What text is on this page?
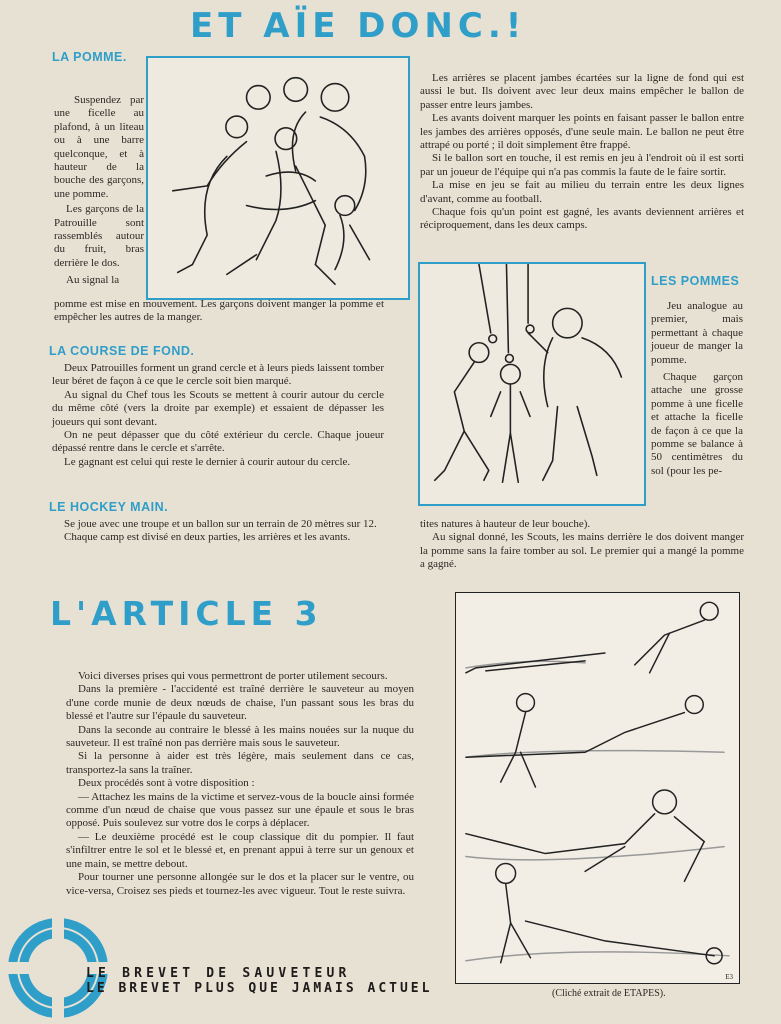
ET AÏE DONC.!
LA POMME.

Suspendez par une ficelle au plafond, à un liteau ou à une barre quelconque, et à hauteur de la bouche des garçons, une pomme.

Les garçons de la Patrouille sont rassemblés autour du fruit, bras derrière le dos.

Au signal la

pomme est mise en mouvement. Les garçons doivent manger la pomme et empêcher les autres de la manger.

LA COURSE DE FOND.

Deux Patrouilles forment un grand cercle et à leurs pieds laissent tomber leur béret de façon à ce que le cercle soit bien marqué.

Au signal du Chef tous les Scouts se mettent à courir autour du cercle du même côté (vers la droite par exemple) et essaient de dépasser les joueurs qui sont devant.

On ne peut dépasser que du côté extérieur du cercle. Chaque joueur dépassé rentre dans le cercle et s'arrête.

Le gagnant est celui qui reste le dernier à courir autour du cercle.

LE HOCKEY MAIN.

Se joue avec une troupe et un ballon sur un terrain de 20 mètres sur 12.

Chaque camp est divisé en deux parties, les arrières et les avants.

Les arrières se placent jambes écartées sur la ligne de fond qui est aussi le but. Ils doivent avec leur deux mains empêcher le ballon de passer entre leurs jambes.

Les avants doivent marquer les points en faisant passer le ballon entre les jambes des arrières opposés, d'une seule main. Le ballon ne peut être attrapé ou porté ; il doit simplement être frappé.

Si le ballon sort en touche, il est remis en jeu à l'endroit où il est sorti par un joueur de l'équipe qui n'a pas commis la faute de le faire sortir.

La mise en jeu se fait au milieu du terrain entre les deux lignes d'avant, comme au football.

Chaque fois qu'un point est gagné, les avants deviennent arrières et réciproquement, dans les deux camps.

LES POMMES

Jeu analogue au premier, mais permettant à chaque joueur de manger la pomme.

Chaque garçon attache une grosse pomme à une ficelle et attache la ficelle de façon à ce que la pomme se balance à 50 centimètres du sol (pour les pe-

tites natures à hauteur de leur bouche).

Au signal donné, les Scouts, les mains derrière le dos doivent manger la pomme sans la faire tomber au sol. Le premier qui a mangé la pomme a gagné.

L'ARTICLE 3

Voici diverses prises qui vous permettront de porter utilement secours.

Dans la première - l'accidenté est traîné derrière le sauveteur au moyen d'une corde munie de deux nœuds de chaise, l'un passant sous les bras du blessé et l'autre sur l'épaule du sauveteur.

Dans la seconde au contraire le blessé à les mains nouées sur la nuque du sauveteur. Il est traîné non pas derrière mais sous le sauveteur.

Si la personne à aider est très légère, mais seulement dans ce cas, transportez-la sans la traîner.

Deux procédés sont à votre disposition :

— Attachez les mains de la victime et servez-vous de la boucle ainsi formée comme d'un nœud de chaise que vous passez sur une épaule et sous le bras opposé. Puis soulevez sur votre dos le corps à déplacer.

— Le deuxième procédé est le coup classique dit du pompier. Il faut s'infiltrer entre le sol et le blessé et, en prenant appui à terre sur un genoux et une main, se mettre debout.

Pour tourner une personne allongée sur le dos et la placer sur le ventre, ou vice-versa, Croisez ses pieds et tournez-les avec vigueur. Tout le reste suivra.

LE BREVET DE SAUVETEUR
LE BREVET PLUS QUE JAMAIS ACTUEL
E3
(Cliché extrait de ETAPES).
